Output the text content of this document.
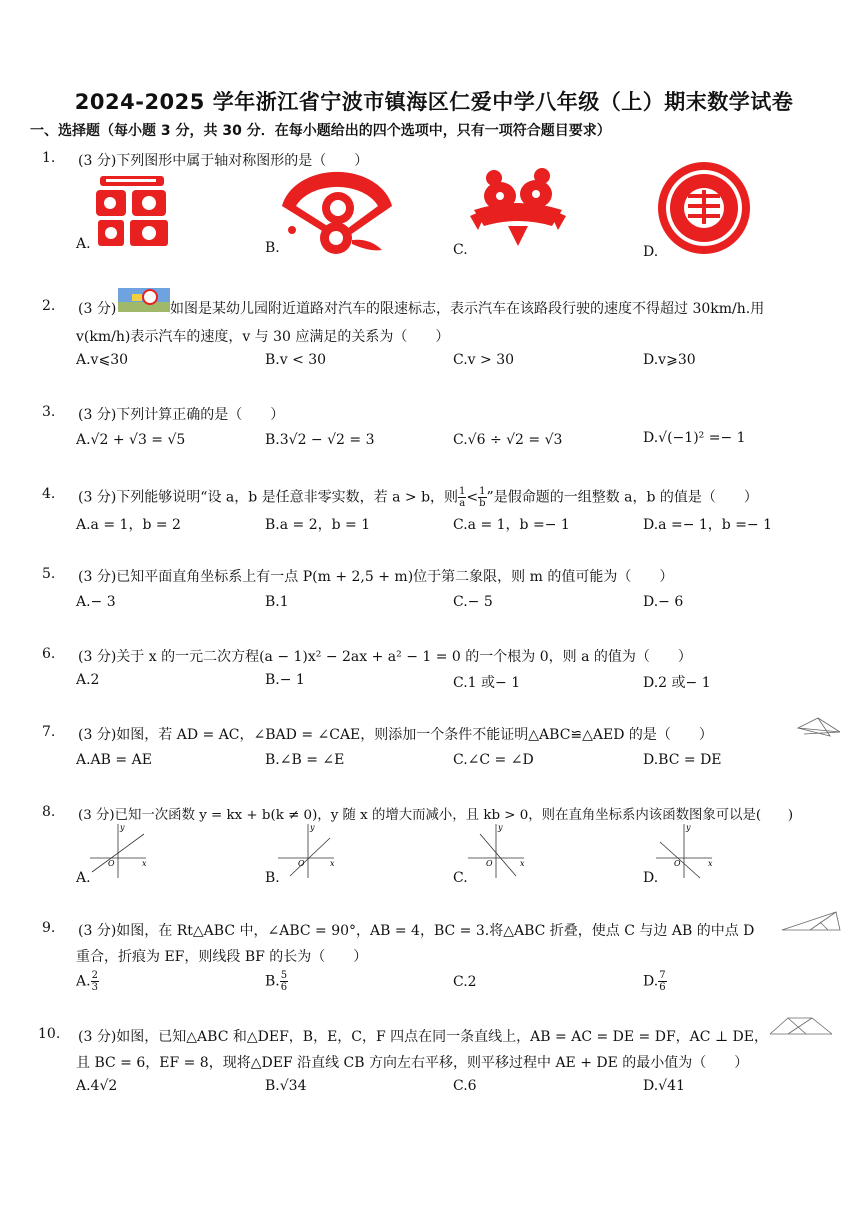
2024-2025 学年浙江省宁波市镇海区仁爱中学八年级（上）期末数学试卷
一、选择题（每小题 3 分，共 30 分．在每小题给出的四个选项中，只有一项符合题目要求）
1. (3 分)下列图形中属于轴对称图形的是（　　）
A.	B.	C.	D.
2. (3 分)	如图是某幼儿园附近道路对汽车的限速标志，表示汽车在该路段行驶的速度不得超过 30km/h.用
v(km/h)表示汽车的速度，v 与 30 应满足的关系为（　　）
A.v⩽30	B.v < 30	C.v > 30	D.v⩾30
3. (3 分)下列计算正确的是（　　）
A.√2 + √3 = √5	B.3√2 − √2 = 3	C.√6 ÷ √2 = √3	D.√(−1)² =− 1
4. (3 分)下列能够说明“设 a，b 是任意非零实数，若 a > b，则 $\frac{1}{a} < \frac{1}{b}$ ”是假命题的一组整数 a，b 的值是（　　）
A.a = 1，b = 2	B.a = 2，b = 1	C.a = 1，b =− 1	D.a =− 1，b =− 1
5. (3 分)已知平面直角坐标系上有一点 P(m + 2,5 + m)位于第二象限，则 m 的值可能为（　　）
A.− 3	B.1	C.− 5	D.− 6
6. (3 分)关于 x 的一元二次方程(a − 1)x² − 2ax + a² − 1 = 0 的一个根为 0，则 a 的值为（　　）
A.2	B.− 1	C.1 或− 1	D.2 或− 1
7. (3 分)如图，若 AD = AC，∠BAD = ∠CAE，则添加一个条件不能证明△ABC≌△AED 的是（　　）
A.AB = AE	B.∠B = ∠E	C.∠C = ∠D	D.BC = DE
8. (3 分)已知一次函数 y = kx + b(k ≠ 0)，y 随 x 的增大而减小，且 kb > 0，则在直角坐标系内该函数图象可以是(　　)
O	x
y
A.
O	x
y
B.
O	x
y
C.
O	x
y
D.
9. (3 分)如图，在 Rt△ABC 中，∠ABC = 90°，AB = 4，BC = 3.将△ABC 折叠，使点 C 与边 AB 的中点 D
重合，折痕为 EF，则线段 BF 的长为（　　）
A. $\frac{2}{3}$	B. $\frac{5}{6}$	C.2	D. $\frac{7}{6}$
10. (3 分)如图，已知△ABC 和△DEF，B，E，C，F 四点在同一条直线上，AB = AC = DE = DF，AC ⊥ DE，
且 BC = 6，EF = 8，现将△DEF 沿直线 CB 方向左右平移，则平移过程中 AE + DE 的最小值为（　　）
A.4√2	B.√34	C.6	D.√41
